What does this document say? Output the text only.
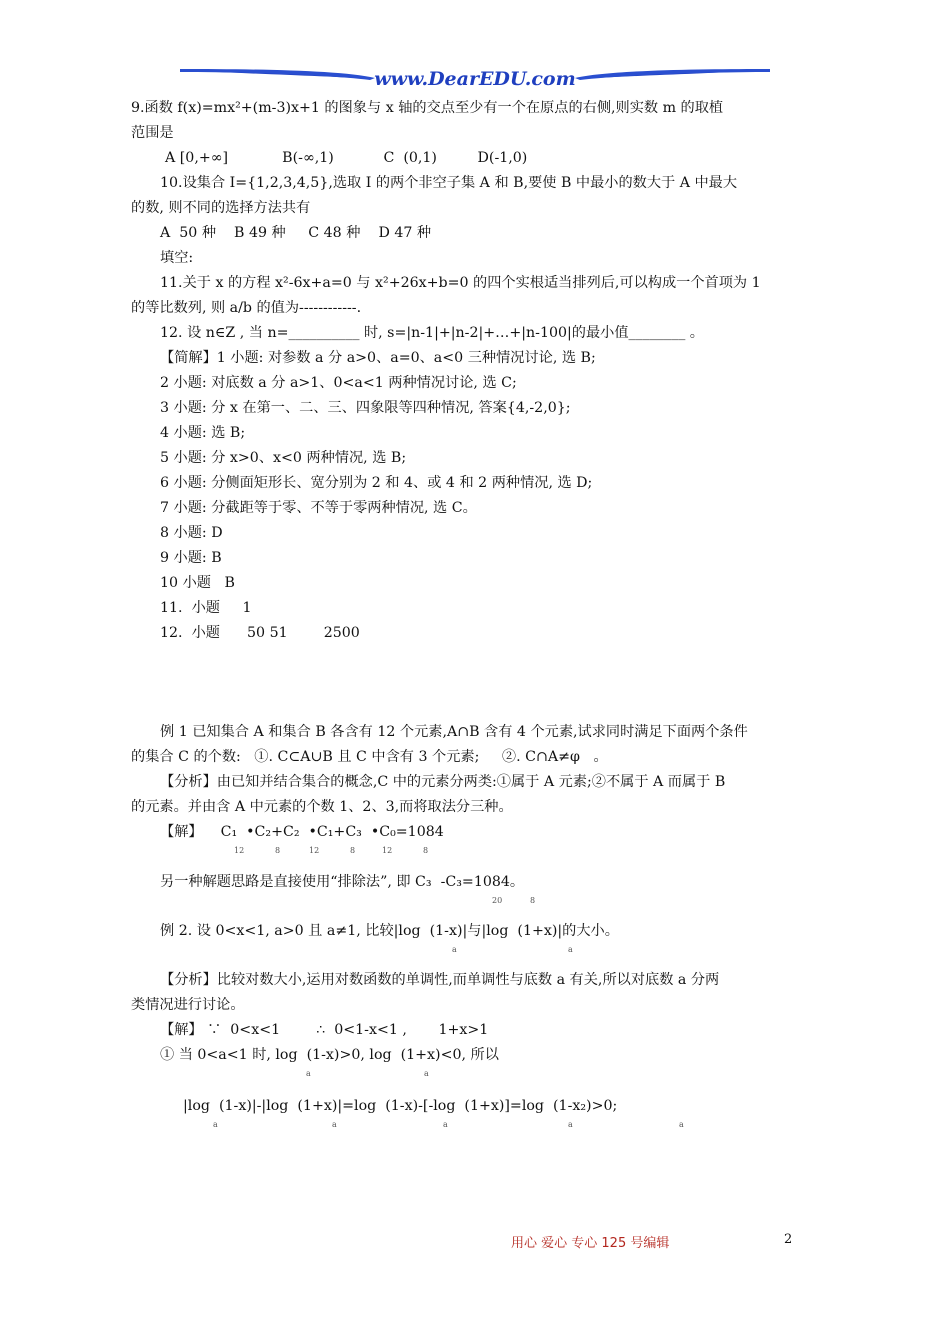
www.DearEDU.com
9.函数 f(x)=mx²+(m-3)x+1 的图象与 x 轴的交点至少有一个在原点的右侧,则实数 m 的取植
范围是
A [0,+∞]            B(-∞,1)           C  (0,1)         D(-1,0)
10.设集合 I={1,2,3,4,5},选取 I 的两个非空子集 A 和 B,要使 B 中最小的数大于 A 中最大
的数, 则不同的选择方法共有
A  50 种    B 49 种     C 48 种    D 47 种
填空:
11.关于 x 的方程 x²-6x+a=0 与 x²+26x+b=0 的四个实根适当排列后,可以构成一个首项为 1
的等比数列, 则 a/b 的值为------------.
12. 设 n∈Z , 当 n=__________ 时, s=|n-1|+|n-2|+…+|n-100|的最小值________ 。
【简解】1 小题: 对参数 a 分 a>0、a=0、a<0 三种情况讨论, 选 B;
2 小题: 对底数 a 分 a>1、0<a<1 两种情况讨论, 选 C;
3 小题: 分 x 在第一、二、三、四象限等四种情况, 答案{4,-2,0};
4 小题: 选 B;
5 小题: 分 x>0、x<0 两种情况, 选 B;
6 小题: 分侧面矩形长、宽分别为 2 和 4、或 4 和 2 两种情况, 选 D;
7 小题: 分截距等于零、不等于零两种情况, 选 C。
8 小题: D
9 小题: B
10 小题   B
11.  小题     1
12.  小题      50 51        2500
例 1 已知集合 A 和集合 B 各含有 12 个元素,A∩B 含有 4 个元素,试求同时满足下面两个条件
的集合 C 的个数:   ①. C⊂A∪B 且 C 中含有 3 个元素;     ②. C∩A≠φ   。
【分析】由已知并结合集合的概念,C 中的元素分两类:①属于 A 元素;②不属于 A 而属于 B
的元素。并由含 A 中元素的个数 1、2、3,而将取法分三种。
【解】    C₁  •C₂+C₂  •C₁+C₃  •C₀=1084
12	8	12	8	12	8
另一种解题思路是直接使用“排除法”, 即 C₃  -C₃=1084。
20	8
例 2. 设 0<x<1, a>0 且 a≠1, 比较|log  (1-x)|与|log  (1+x)|的大小。
a	a
【分析】比较对数大小,运用对数函数的单调性,而单调性与底数 a 有关,所以对底数 a 分两
类情况进行讨论。
【解】 ∵  0<x<1        ∴  0<1-x<1 ,       1+x>1
① 当 0<a<1 时, log  (1-x)>0, log  (1+x)<0, 所以
a	a
|log  (1-x)|-|log  (1+x)|=log  (1-x)-[-log  (1+x)]=log  (1-x₂)>0;
a	a	a	a	a
用心 爱心 专心 125 号编辑	2
